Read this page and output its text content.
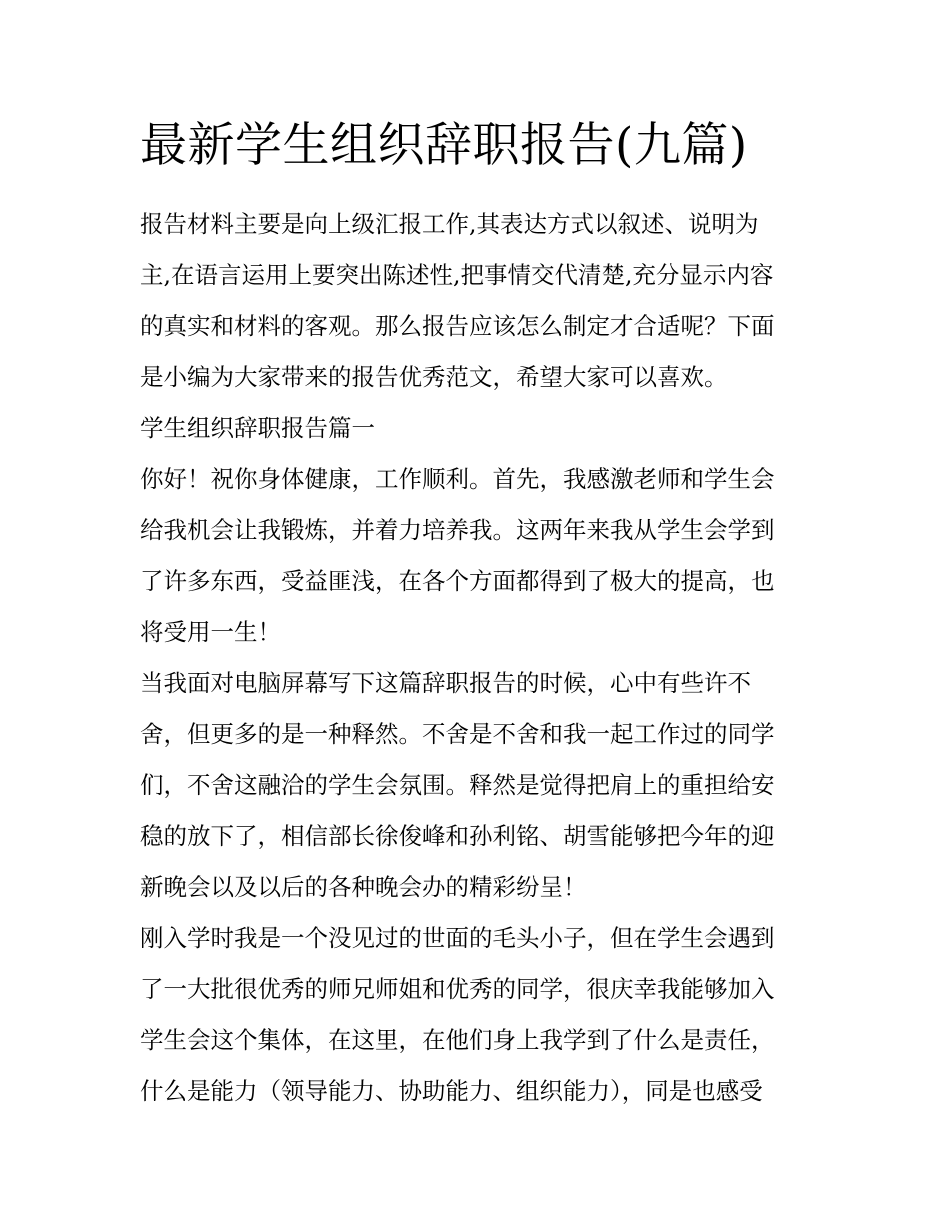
最新学生组织辞职报告(九篇)
报告材料主要是向上级汇报工作,其表达方式以叙述、说明为
主,在语言运用上要突出陈述性,把事情交代清楚,充分显示内容
的真实和材料的客观。那么报告应该怎么制定才合适呢？下面
是小编为大家带来的报告优秀范文，希望大家可以喜欢。
学生组织辞职报告篇一
你好！祝你身体健康，工作顺利。首先，我感激老师和学生会
给我机会让我锻炼，并着力培养我。这两年来我从学生会学到
了许多东西，受益匪浅，在各个方面都得到了极大的提高，也
将受用一生！
当我面对电脑屏幕写下这篇辞职报告的时候，心中有些许不
舍，但更多的是一种释然。不舍是不舍和我一起工作过的同学
们，不舍这融洽的学生会氛围。释然是觉得把肩上的重担给安
稳的放下了，相信部长徐俊峰和孙利铭、胡雪能够把今年的迎
新晚会以及以后的各种晚会办的精彩纷呈！
刚入学时我是一个没见过的世面的毛头小子，但在学生会遇到
了一大批很优秀的师兄师姐和优秀的同学，很庆幸我能够加入
学生会这个集体，在这里，在他们身上我学到了什么是责任，
什么是能力（领导能力、协助能力、组织能力），同是也感受
